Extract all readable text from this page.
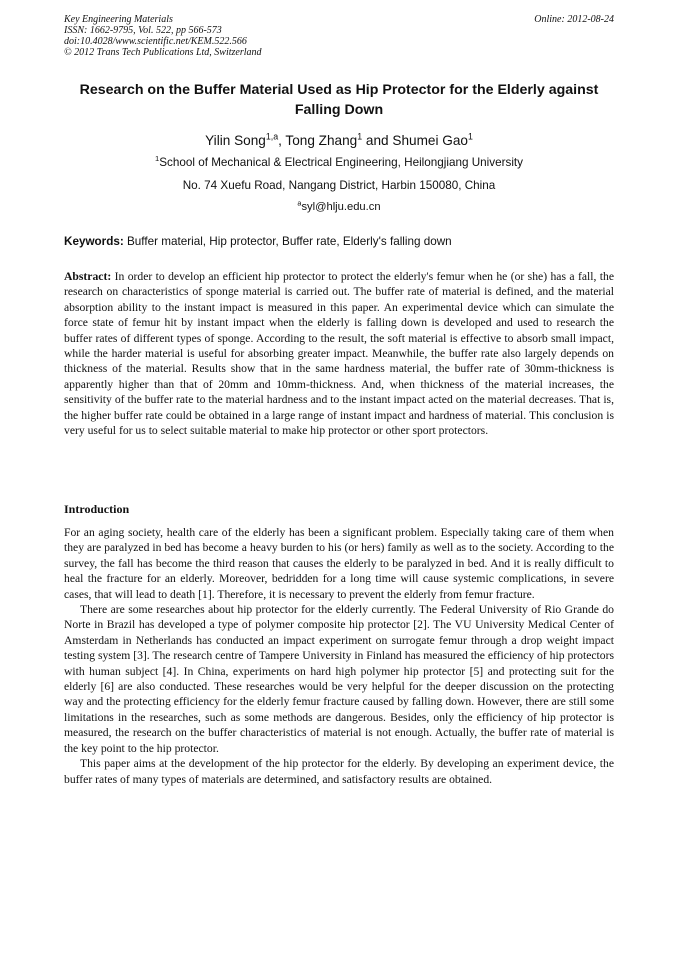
Key Engineering Materials
ISSN: 1662-9795, Vol. 522, pp 566-573
doi:10.4028/www.scientific.net/KEM.522.566
© 2012 Trans Tech Publications Ltd, Switzerland
Online: 2012-08-24
Research on the Buffer Material Used as Hip Protector for the Elderly against Falling Down
Yilin Song$^{1,a}$, Tong Zhang$^1$ and Shumei Gao$^1$
$^1$School of Mechanical & Electrical Engineering, Heilongjiang University
No. 74 Xuefu Road, Nangang District, Harbin 150080, China
$^a$syl@hlju.edu.cn
Keywords: Buffer material, Hip protector, Buffer rate, Elderly's falling down

Abstract: In order to develop an efficient hip protector to protect the elderly's femur when he (or she) has a fall, the research on characteristics of sponge material is carried out. The buffer rate of material is defined, and the material absorption ability to the instant impact is measured in this paper. An experimental device which can simulate the force state of femur hit by instant impact when the elderly is falling down is developed and used to research the buffer rates of different types of sponge. According to the result, the soft material is effective to absorb small impact, while the harder material is useful for absorbing greater impact. Meanwhile, the buffer rate also largely depends on thickness of the material. Results show that in the same hardness material, the buffer rate of 30mm-thickness is apparently higher than that of 20mm and 10mm-thickness. And, when thickness of the material increases, the sensitivity of the buffer rate to the material hardness and to the instant impact acted on the material decreases. That is, the higher buffer rate could be obtained in a large range of instant impact and hardness of material. This conclusion is very useful for us to select suitable material to make hip protector or other sport protectors.

Introduction

For an aging society, health care of the elderly has been a significant problem. Especially taking care of them when they are paralyzed in bed has become a heavy burden to his (or hers) family as well as to the society. According to the survey, the fall has become the third reason that causes the elderly to be paralyzed in bed. And it is really difficult to heal the fracture for an elderly. Moreover, bedridden for a long time will cause systemic complications, in severe cases, that will lead to death [1]. Therefore, it is necessary to prevent the elderly from femur fracture.

There are some researches about hip protector for the elderly currently. The Federal University of Rio Grande do Norte in Brazil has developed a type of polymer composite hip protector [2]. The VU University Medical Center of Amsterdam in Netherlands has conducted an impact experiment on surrogate femur through a drop weight impact testing system [3]. The research centre of Tampere University in Finland has measured the efficiency of hip protectors with human subject [4]. In China, experiments on hard high polymer hip protector [5] and protecting suit for the elderly [6] are also conducted. These researches would be very helpful for the deeper discussion on the protecting way and the protecting efficiency for the elderly femur fracture caused by falling down. However, there are still some limitations in the researches, such as some methods are dangerous. Besides, only the efficiency of hip protector is measured, the research on the buffer characteristics of material is not enough. Actually, the buffer rate of material is the key point to the hip protector.

This paper aims at the development of the hip protector for the elderly. By developing an experiment device, the buffer rates of many types of materials are determined, and satisfactory results are obtained.
